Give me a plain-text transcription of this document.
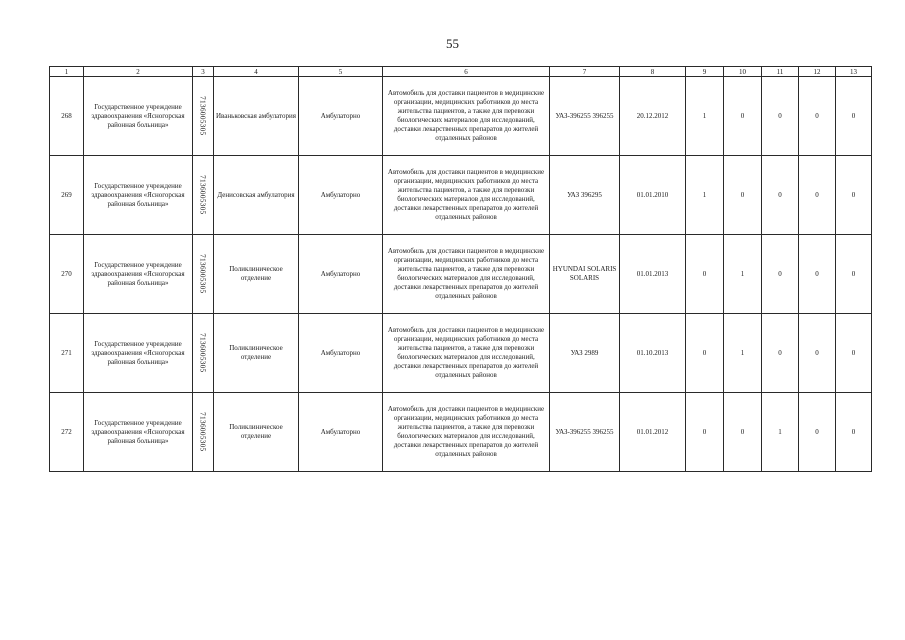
55
1	2	3	4	5	6	7	8	9	10	11	12	13
268	Государственное учреждение здравоохранения «Ясногорская районная больница»	7136005305	Иваньковская амбулатория	Амбулаторно	Автомобиль для доставки пациентов в медицинские организации, медицинских работников до места жительства пациентов, а также для перевозки биологических материалов для исследований, доставки лекарственных препаратов до жителей отдаленных районов	УАЗ-396255 396255	20.12.2012	1	0	0	0	0
269	Государственное учреждение здравоохранения «Ясногорская районная больница»	7136005305	Денисовская амбулатория	Амбулаторно	Автомобиль для доставки пациентов в медицинские организации, медицинских работников до места жительства пациентов, а также для перевозки биологических материалов для исследований, доставки лекарственных препаратов до жителей отдаленных районов	УАЗ 396295	01.01.2010	1	0	0	0	0
270	Государственное учреждение здравоохранения «Ясногорская районная больница»	7136005305	Поликлиническое отделение	Амбулаторно	Автомобиль для доставки пациентов в медицинские организации, медицинских работников до места жительства пациентов, а также для перевозки биологических материалов для исследований, доставки лекарственных препаратов до жителей отдаленных районов	HYUNDAI SOLARIS SOLARIS	01.01.2013	0	1	0	0	0
271	Государственное учреждение здравоохранения «Ясногорская районная больница»	7136005305	Поликлиническое отделение	Амбулаторно	Автомобиль для доставки пациентов в медицинские организации, медицинских работников до места жительства пациентов, а также для перевозки биологических материалов для исследований, доставки лекарственных препаратов до жителей отдаленных районов	УАЗ 2989	01.10.2013	0	1	0	0	0
272	Государственное учреждение здравоохранения «Ясногорская районная больница»	7136005305	Поликлиническое отделение	Амбулаторно	Автомобиль для доставки пациентов в медицинские организации, медицинских работников до места жительства пациентов, а также для перевозки биологических материалов для исследований, доставки лекарственных препаратов до жителей отдаленных районов	УАЗ-396255 396255	01.01.2012	0	0	1	0	0
